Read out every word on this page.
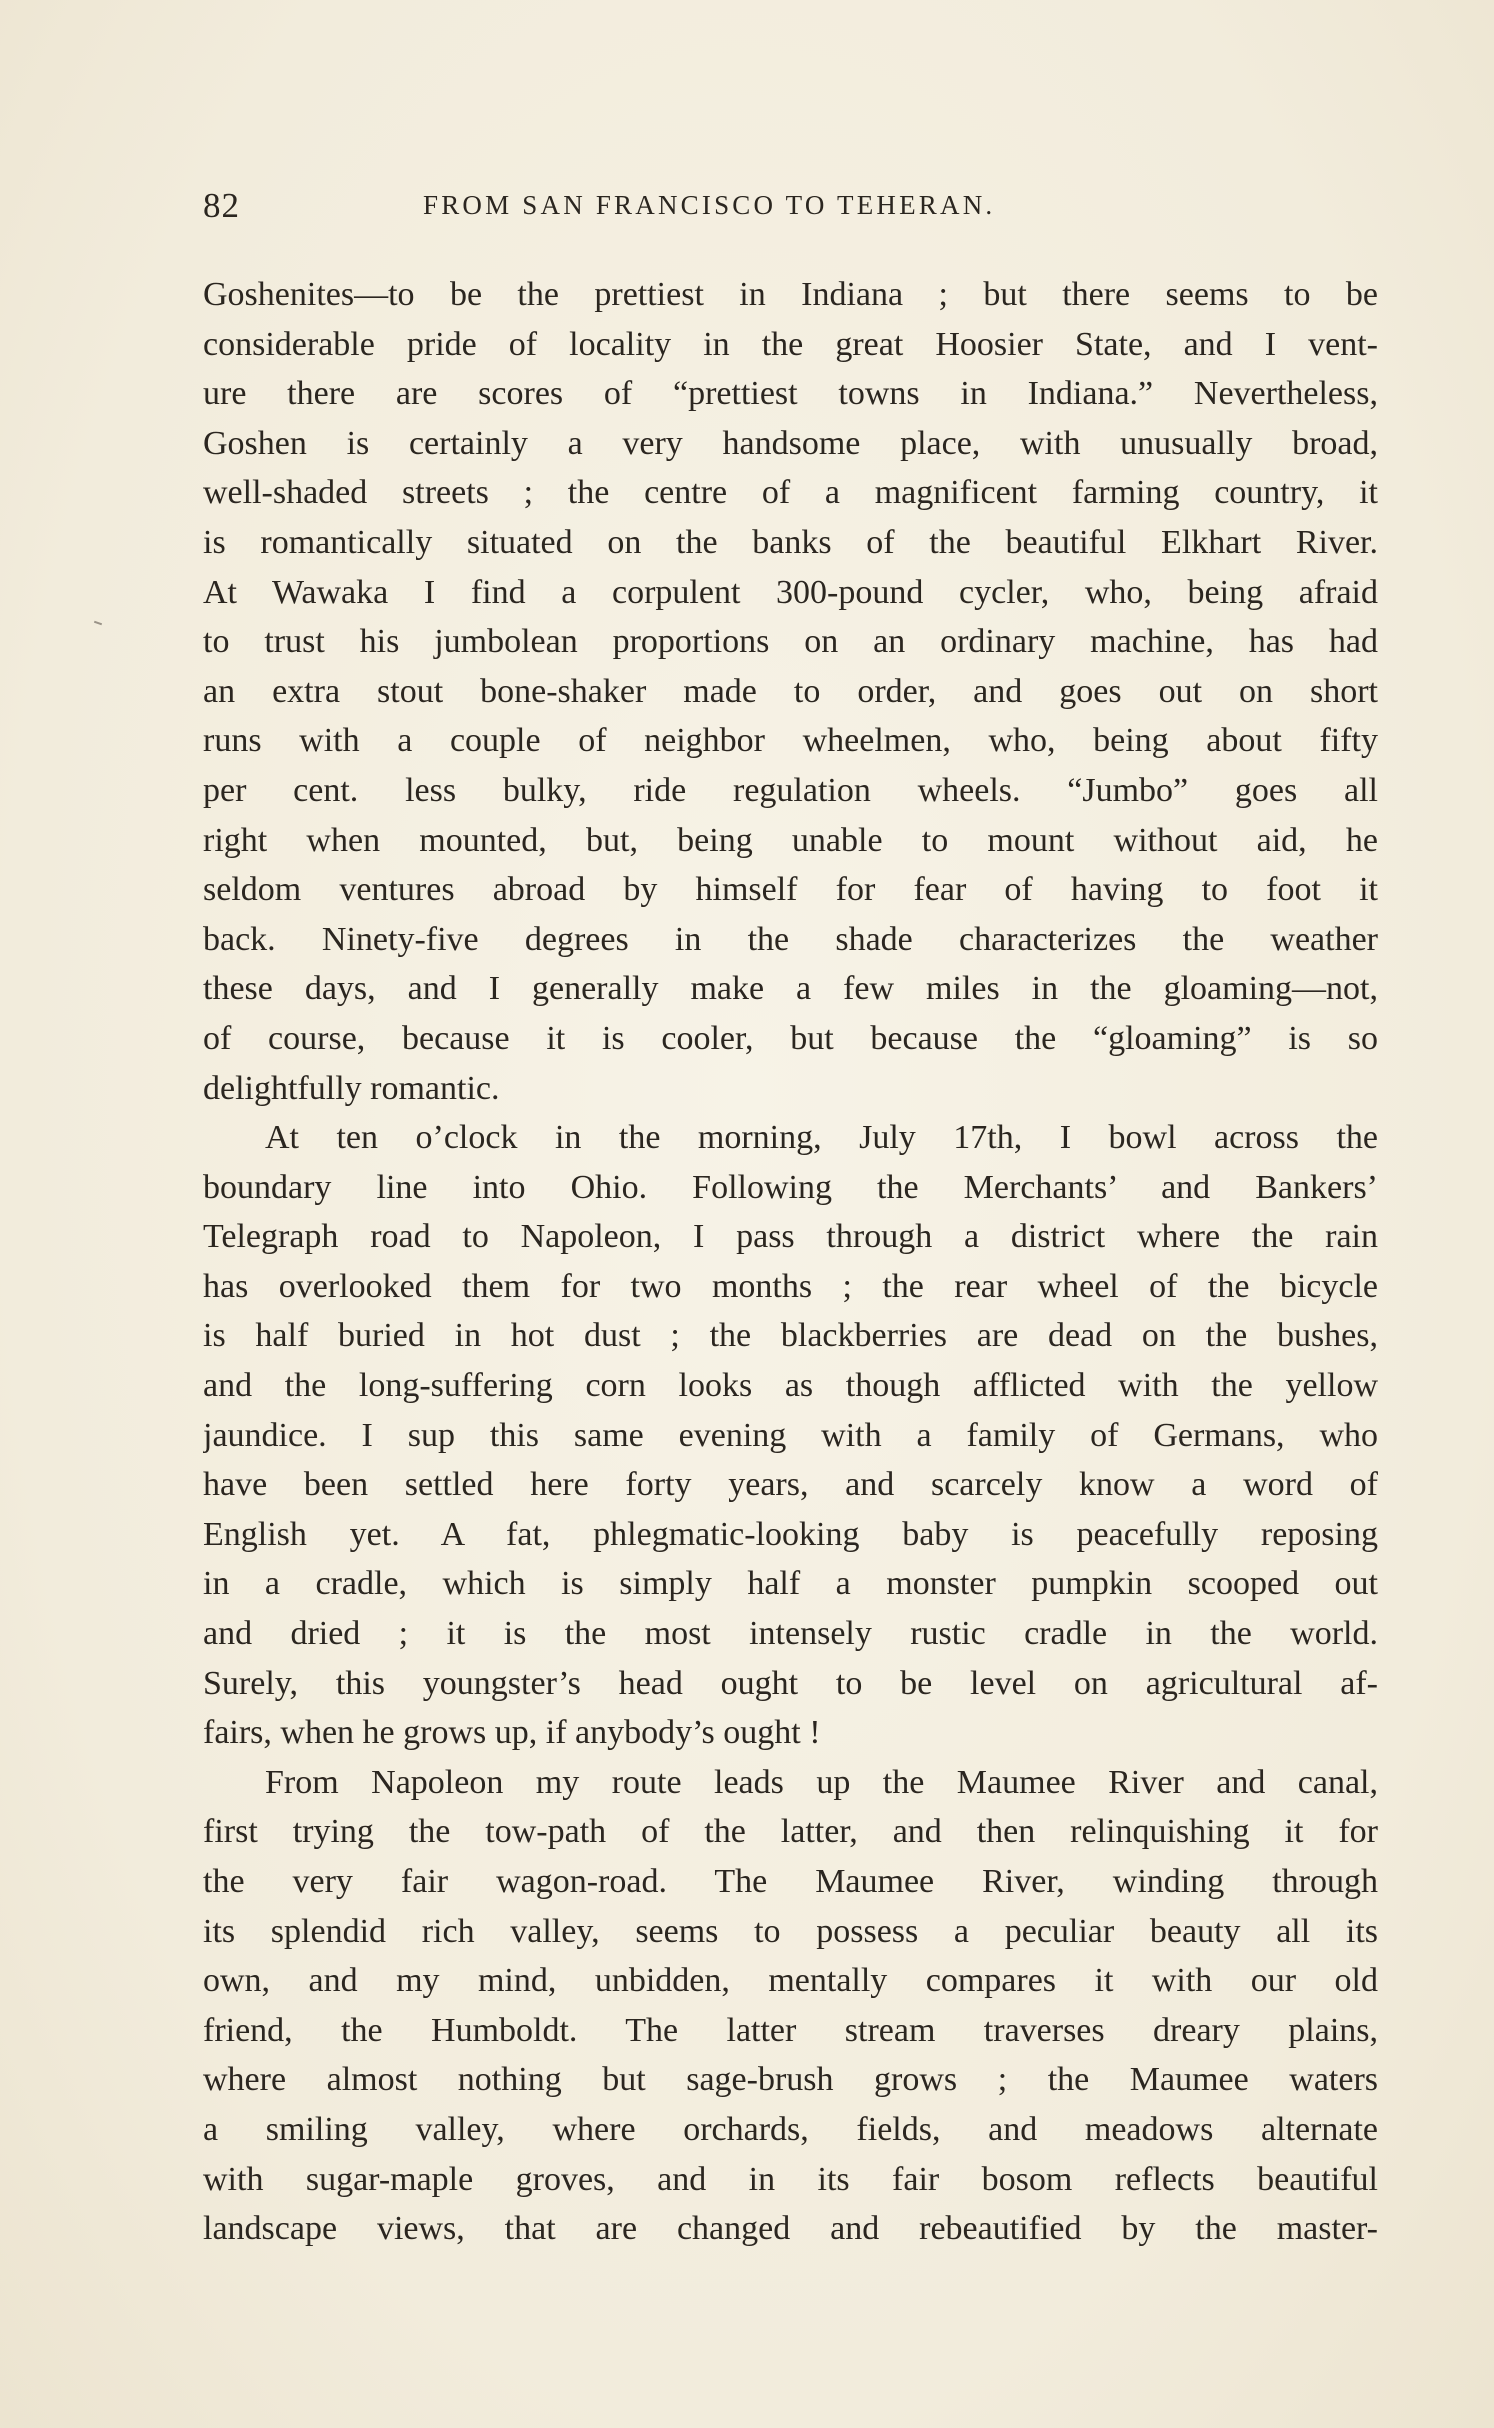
82	FROM SAN FRANCISCO TO TEHERAN.
Goshenites—to be the prettiest in Indiana ; but there seems to be
considerable pride of locality in the great Hoosier State, and I vent-
ure there are scores of “prettiest towns in Indiana.” Nevertheless,
Goshen is certainly a very handsome place, with unusually broad,
well-shaded streets ; the centre of a magnificent farming country, it
is romantically situated on the banks of the beautiful Elkhart River.
At Wawaka I find a corpulent 300-pound cycler, who, being afraid
to trust his jumbolean proportions on an ordinary machine, has had
an extra stout bone-shaker made to order, and goes out on short
runs with a couple of neighbor wheelmen, who, being about fifty
per cent. less bulky, ride regulation wheels. “Jumbo” goes all
right when mounted, but, being unable to mount without aid, he
seldom ventures abroad by himself for fear of having to foot it
back. Ninety-five degrees in the shade characterizes the weather
these days, and I generally make a few miles in the gloaming—not,
of course, because it is cooler, but because the “gloaming” is so
delightfully romantic.
At ten o’clock in the morning, July 17th, I bowl across the
boundary line into Ohio. Following the Merchants’ and Bankers’
Telegraph road to Napoleon, I pass through a district where the rain
has overlooked them for two months ; the rear wheel of the bicycle
is half buried in hot dust ; the blackberries are dead on the bushes,
and the long-suffering corn looks as though afflicted with the yellow
jaundice. I sup this same evening with a family of Germans, who
have been settled here forty years, and scarcely know a word of
English yet. A fat, phlegmatic-looking baby is peacefully reposing
in a cradle, which is simply half a monster pumpkin scooped out
and dried ; it is the most intensely rustic cradle in the world.
Surely, this youngster’s head ought to be level on agricultural af-
fairs, when he grows up, if anybody’s ought !
From Napoleon my route leads up the Maumee River and canal,
first trying the tow-path of the latter, and then relinquishing it for
the very fair wagon-road. The Maumee River, winding through
its splendid rich valley, seems to possess a peculiar beauty all its
own, and my mind, unbidden, mentally compares it with our old
friend, the Humboldt. The latter stream traverses dreary plains,
where almost nothing but sage-brush grows ; the Maumee waters
a smiling valley, where orchards, fields, and meadows alternate
with sugar-maple groves, and in its fair bosom reflects beautiful
landscape views, that are changed and rebeautified by the master-
